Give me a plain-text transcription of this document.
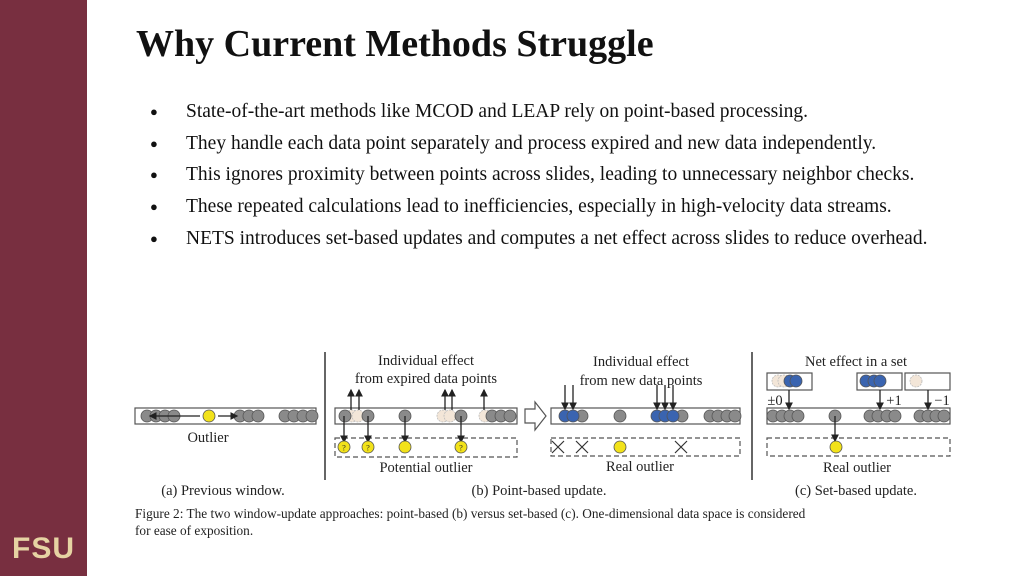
FSU
Why Current Methods Struggle
● State-of-the-art methods like MCOD and LEAP rely on point-based processing.
● They handle each data point separately and process expired and new data independently.
● This ignores proximity between points across slides, leading to unnecessary neighbor checks.
● These repeated calculations lead to inefficiencies, especially in high-velocity data streams.
● NETS introduces set-based updates and computes a net effect across slides to reduce overhead.
?	?	?
Outlier
Individual effect
from expired data points
Potential outlier
Individual effect
from new data points
Real outlier
Net effect in a set
Real outlier
±0	+1 −1
(a) Previous window.	(b) Point-based update.	(c) Set-based update.
Figure 2: The two window-update approaches: point-based (b) versus set-based (c). One-dimensional data space is considered
for ease of exposition.
